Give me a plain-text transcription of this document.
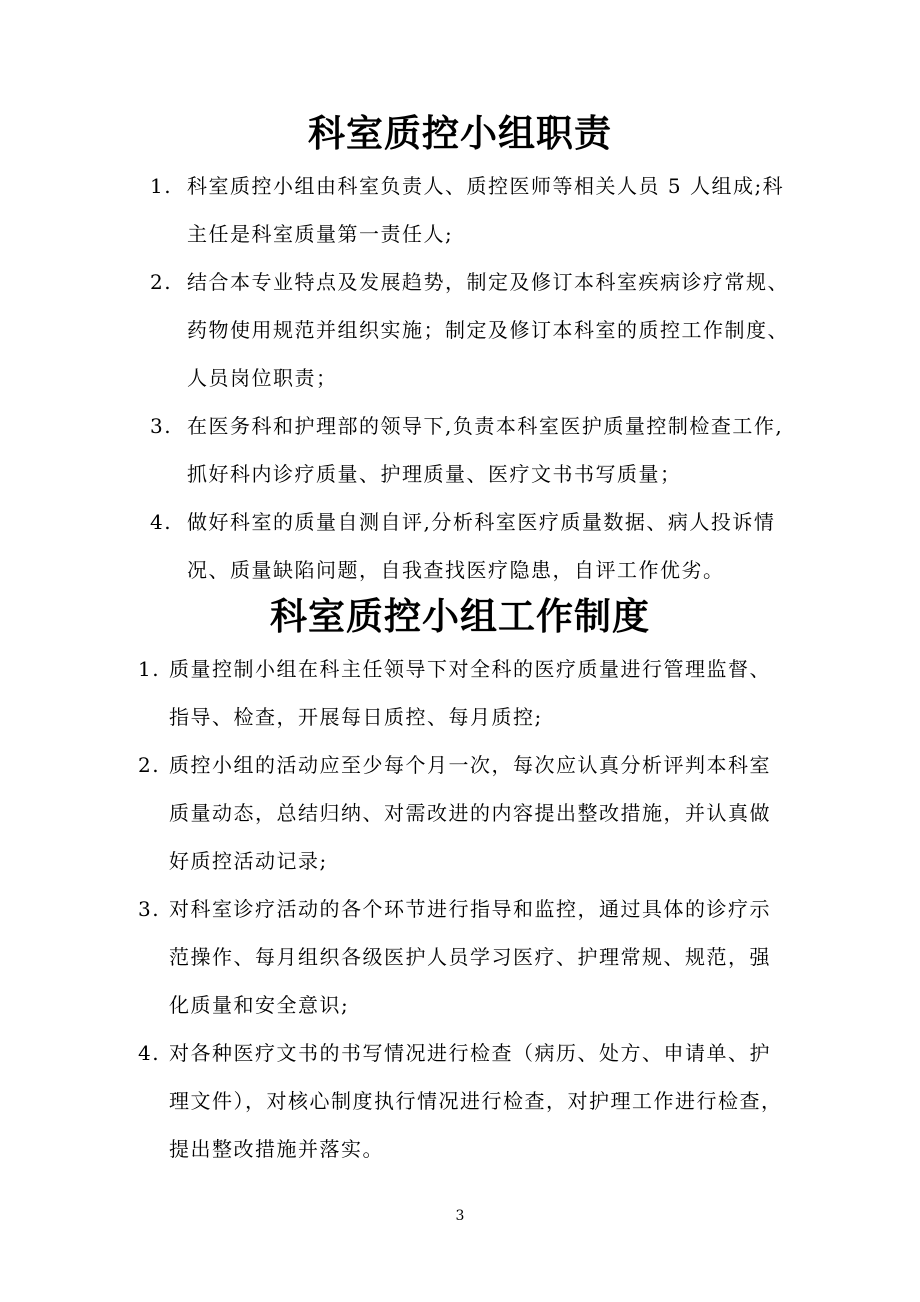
科室质控小组职责
1. 科室质控小组由科室负责人、质控医师等相关人员 5 人组成;科
主任是科室质量第一责任人;
2. 结合本专业特点及发展趋势，制定及修订本科室疾病诊疗常规、
药物使用规范并组织实施；制定及修订本科室的质控工作制度、
人员岗位职责；
3. 在医务科和护理部的领导下,负责本科室医护质量控制检查工作,
抓好科内诊疗质量、护理质量、医疗文书书写质量；
4. 做好科室的质量自测自评,分析科室医疗质量数据、病人投诉情
况、质量缺陷问题，自我查找医疗隐患，自评工作优劣。
科室质控小组工作制度
1. 质量控制小组在科主任领导下对全科的医疗质量进行管理监督、
指导、检查，开展每日质控、每月质控;
2. 质控小组的活动应至少每个月一次，每次应认真分析评判本科室
质量动态，总结归纳、对需改进的内容提出整改措施，并认真做
好质控活动记录;
3. 对科室诊疗活动的各个环节进行指导和监控，通过具体的诊疗示
范操作、每月组织各级医护人员学习医疗、护理常规、规范，强
化质量和安全意识;
4. 对各种医疗文书的书写情况进行检查（病历、处方、申请单、护
理文件），对核心制度执行情况进行检查，对护理工作进行检查，
提出整改措施并落实。
3
